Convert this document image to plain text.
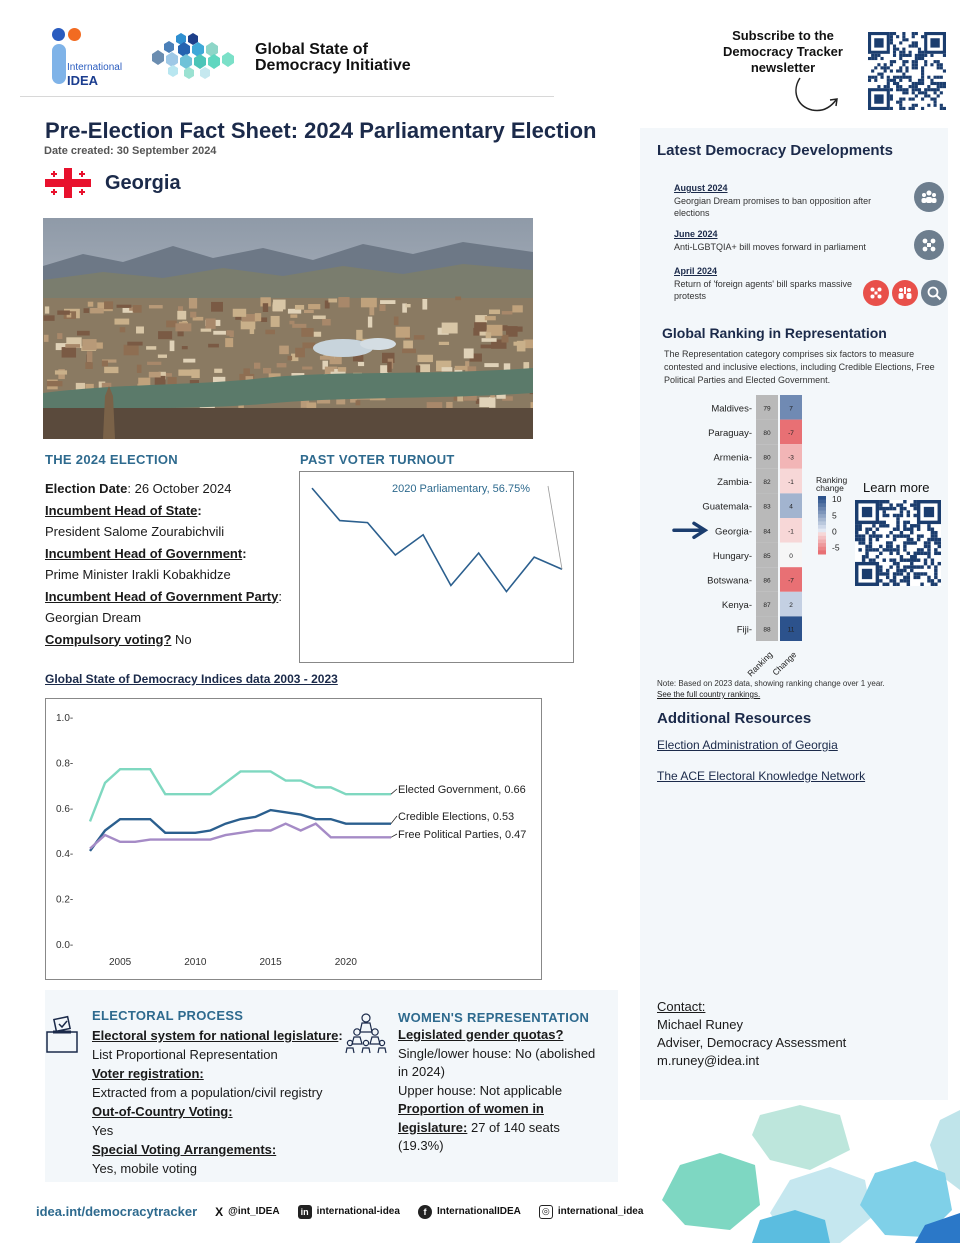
International
IDEA
Global State of
Democracy Initiative
Subscribe to the Democracy Tracker newsletter
Pre-Election Fact Sheet: 2024 Parliamentary Election
Date created: 30 September 2024
Georgia
THE 2024 ELECTION
Election Date: 26 October 2024
Incumbent Head of State:
President Salome Zourabichvili
Incumbent Head of Government:
Prime Minister Irakli Kobakhidze
Incumbent Head of Government Party:
Georgian Dream
Compulsory voting? No
PAST VOTER TURNOUT
2020 Parliamentary, 56.75%
Global State of Democracy Indices data 2003 - 2023
0.0-
0.2-
0.4-
0.6-
0.8-
1.0-
2005	2010	2015	2020
Elected Government, 0.66
Credible Elections, 0.53
Free Political Parties, 0.47
ELECTORAL PROCESS
Electoral system for national legislature:
List Proportional Representation
Voter registration:
Extracted from a population/civil registry
Out-of-Country Voting:
Yes
Special Voting Arrangements:
Yes, mobile voting
WOMEN'S REPRESENTATION
Legislated gender quotas?
Single/lower house: No (abolished in 2024)
Upper house: Not applicable
Proportion of women in legislature: 27 of 140 seats (19.3%)
Latest Democracy Developments
August 2024
Georgian Dream promises to ban opposition after elections
June 2024
Anti-LGBTQIA+ bill moves forward in parliament
April 2024
Return of 'foreign agents' bill sparks massive protests
Global Ranking in Representation
The Representation category comprises six factors to measure contested and inclusive elections, including Credible Elections, Free Political Parties and Elected Government.
Maldives- 79	7
Paraguay- 80	-7
Armenia- 80	-3
Zambia- 82	-1
Guatemala- 83	4
Georgia- 84	-1
Hungary- 85	0
Botswana- 86	-7
Kenya- 87	2
Fiji- 88	11
Ranking
Change
Ranking
change
10
5
0
-5
Learn more
Note: Based on 2023 data, showing ranking change over 1 year.
See the full country rankings.
Additional Resources
Election Administration of Georgia
The ACE Electoral Knowledge Network
Contact:
Michael Runey
Adviser, Democracy Assessment
m.runey@idea.int
idea.int/democracytracker X @int_IDEA	in international-idea	f	InternationalIDEA	◎ international_idea
